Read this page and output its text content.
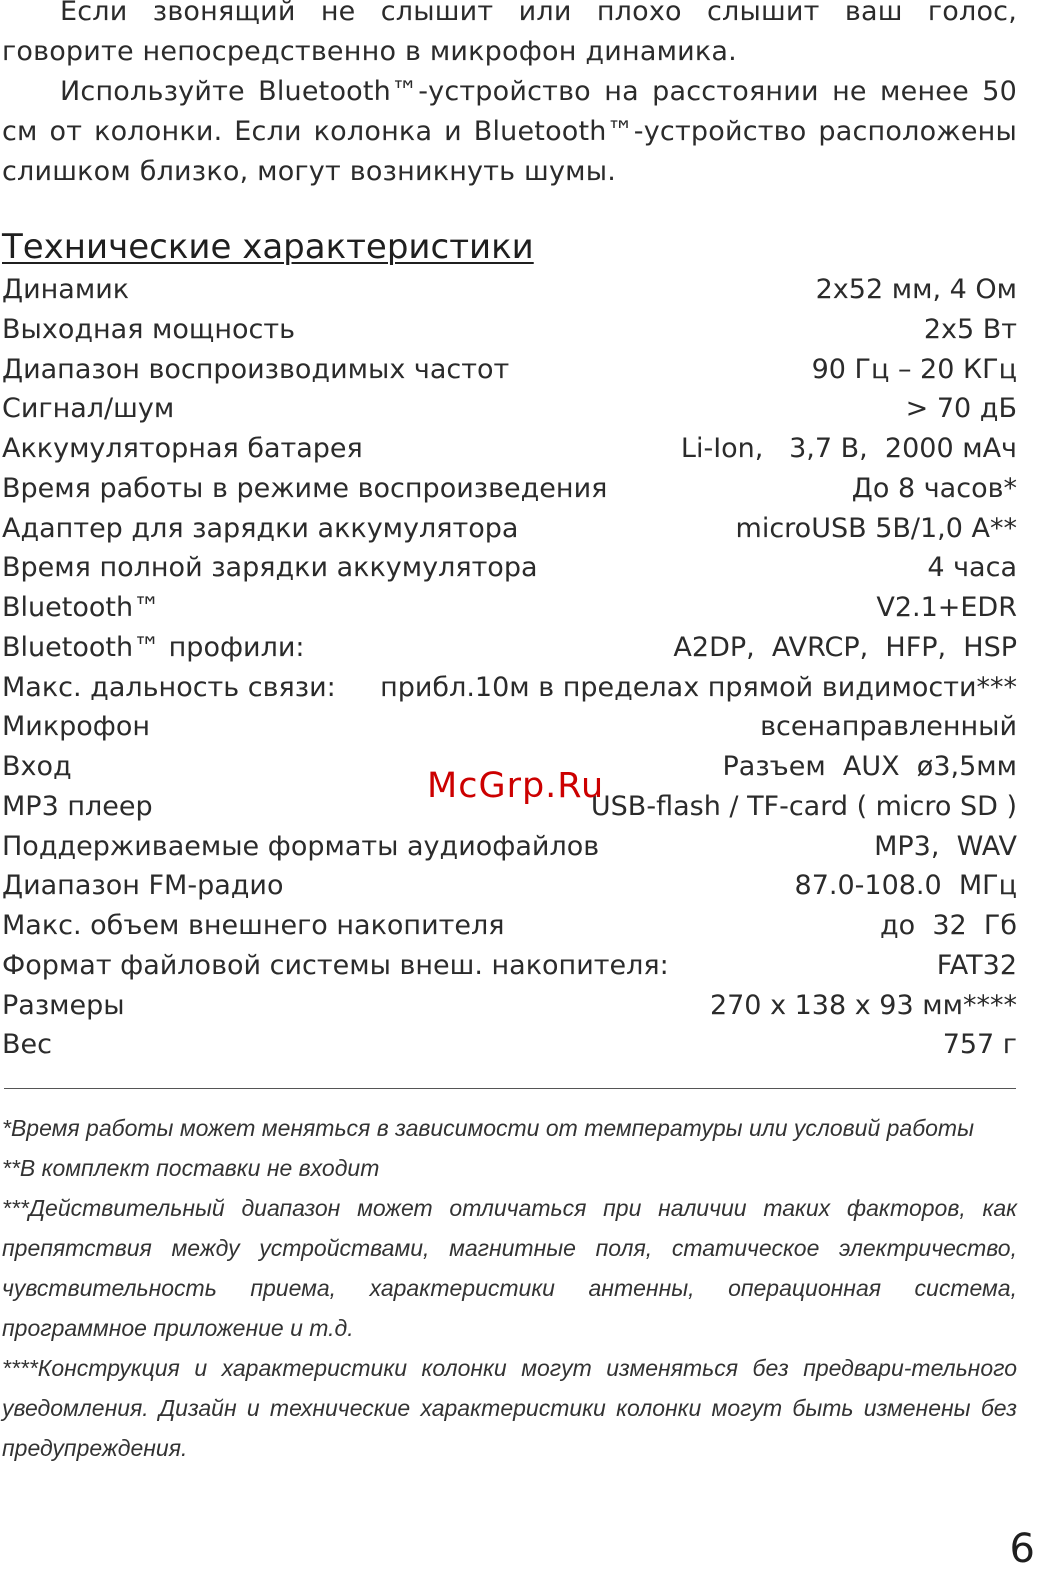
Если звонящий не слышит или плохо слышит ваш голос, говорите непосредственно в микрофон динамика.

Используйте Bluetooth™-устройство на расстоянии не менее 50 см от колонки. Если колонка и Bluetooth™-устройство расположены слишком близко, могут возникнуть шумы.

Технические характеристики
Динамик	2x52 мм, 4 Ом
Выходная мощность	2x5 Вт
Диапазон воспроизводимых частот	90 Гц – 20 КГц
Сигнал/шум	> 70 дБ
Аккумуляторная батарея	Li-Ion,   3,7 В,  2000 мАч
Время работы в режиме воспроизведения	До 8 часов*
Адаптер для зарядки аккумулятора	microUSB 5В/1,0 А**
Время полной зарядки аккумулятора	4 часа
Bluetooth™	V2.1+EDR
Bluetooth™ профили:	A2DP,  AVRCP,  HFP,  HSP
Макс. дальность связи: прибл.10м в пределах прямой видимости***
Микрофон	всенаправленный
Вход	Разъем  AUX  ø3,5мм
MP3 плеер	USB-flash / TF-card ( micro SD )
Поддерживаемые форматы аудиофайлов	MP3,  WAV
Диапазон FM-радио	87.0-108.0  МГц
Макс. объем внешнего накопителя	до  32  Гб
Формат файловой системы внеш. накопителя:	FAT32
Размеры	270 x 138 x 93 мм****
Вес	757 г
McGrp.Ru

*Время работы может меняться в зависимости от температуры или условий работы

**В комплект поставки не входит

***Действительный диапазон может отличаться при наличии таких факторов, как препятствия между устройствами, магнитные поля, статическое электричество, чувствительность приема, характеристики антенны, операционная система, программное приложение и т.д.

****Конструкция и характеристики колонки могут изменяться без предвари-тельного уведомления. Дизайн и технические характеристики колонки могут быть изменены без предупреждения.

6
